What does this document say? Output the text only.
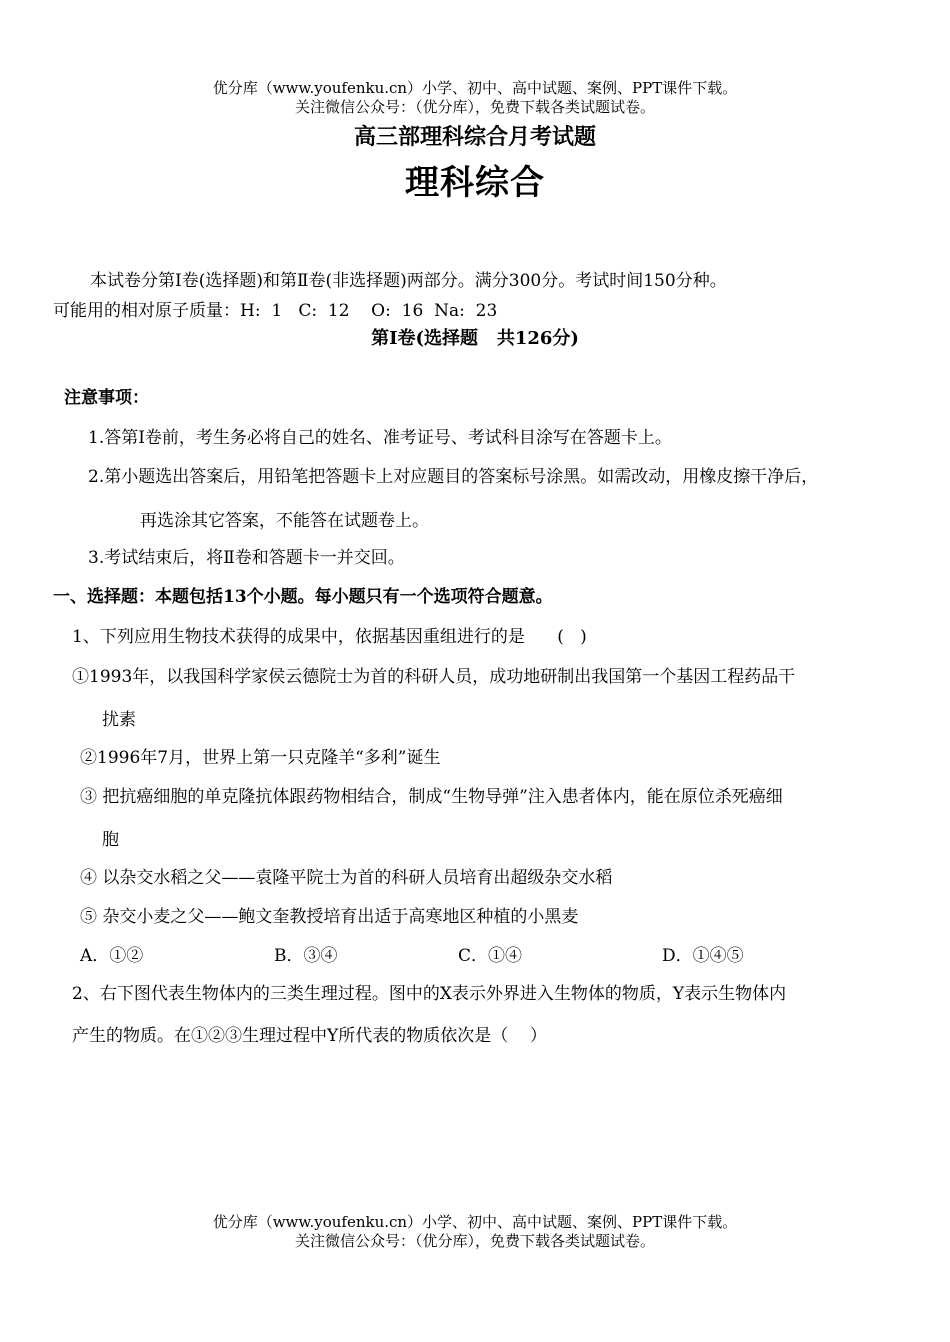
优分库（www.youfenku.cn）小学、初中、高中试题、案例、PPT课件下载。
关注微信公众号：（优分库），免费下载各类试题试卷。
高三部理科综合月考试题
理科综合
本试卷分第Ⅰ卷(选择题)和第Ⅱ卷(非选择题)两部分。满分300分。考试时间150分种。
可能用的相对原子质量：H:  1   C:  12    O:  16  Na:  23
第Ⅰ卷(选择题   共126分)
注意事项：
1.答第Ⅰ卷前，考生务必将自己的姓名、准考证号、考试科目涂写在答题卡上。
2.第小题选出答案后，用铅笔把答题卡上对应题目的答案标号涂黑。如需改动，用橡皮擦干净后，
再选涂其它答案，不能答在试题卷上。
3.考试结束后，将Ⅱ卷和答题卡一并交回。
一、选择题：本题包括13个小题。每小题只有一个选项符合题意。
1、下列应用生物技术获得的成果中，依据基因重组进行的是      (   )
①1993年，以我国科学家侯云德院士为首的科研人员，成功地研制出我国第一个基因工程药品干
扰素
②1996年7月，世界上第一只克隆羊“多利”诞生
③ 把抗癌细胞的单克隆抗体跟药物相结合，制成“生物导弹”注入患者体内，能在原位杀死癌细
胞
④ 以杂交水稻之父——袁隆平院士为首的科研人员培育出超级杂交水稻
⑤ 杂交小麦之父——鲍文奎教授培育出适于高寒地区种植的小黑麦
A．①②	B．③④	C．①④	D．①④⑤
2、右下图代表生物体内的三类生理过程。图中的X表示外界进入生物体的物质，Y表示生物体内
产生的物质。在①②③生理过程中Y所代表的物质依次是（    ）
优分库（www.youfenku.cn）小学、初中、高中试题、案例、PPT课件下载。
关注微信公众号：（优分库），免费下载各类试题试卷。
